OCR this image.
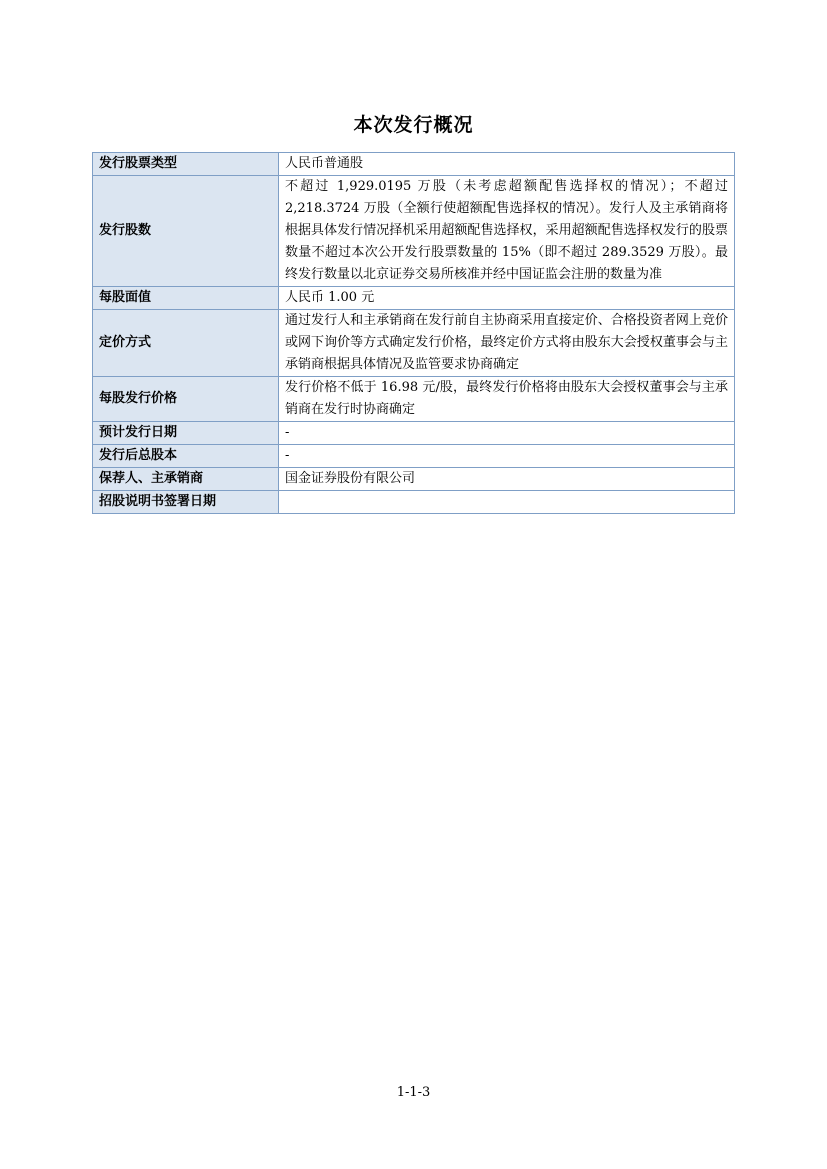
本次发行概况
发行股票类型	人民币普通股
发行股数	不超过 1,929.0195 万股（未考虑超额配售选择权的情况）；不超过 2,218.3724 万股（全额行使超额配售选择权的情况）。发行人及主承销商将根据具体发行情况择机采用超额配售选择权，采用超额配售选择权发行的股票数量不超过本次公开发行股票数量的 15%（即不超过 289.3529 万股）。最终发行数量以北京证券交易所核准并经中国证监会注册的数量为准
每股面值	人民币 1.00 元
定价方式	通过发行人和主承销商在发行前自主协商采用直接定价、合格投资者网上竞价或网下询价等方式确定发行价格，最终定价方式将由股东大会授权董事会与主承销商根据具体情况及监管要求协商确定
每股发行价格	发行价格不低于 16.98 元/股，最终发行价格将由股东大会授权董事会与主承销商在发行时协商确定
预计发行日期	-
发行后总股本	-
保荐人、主承销商	国金证券股份有限公司
招股说明书签署日期	
1-1-3
